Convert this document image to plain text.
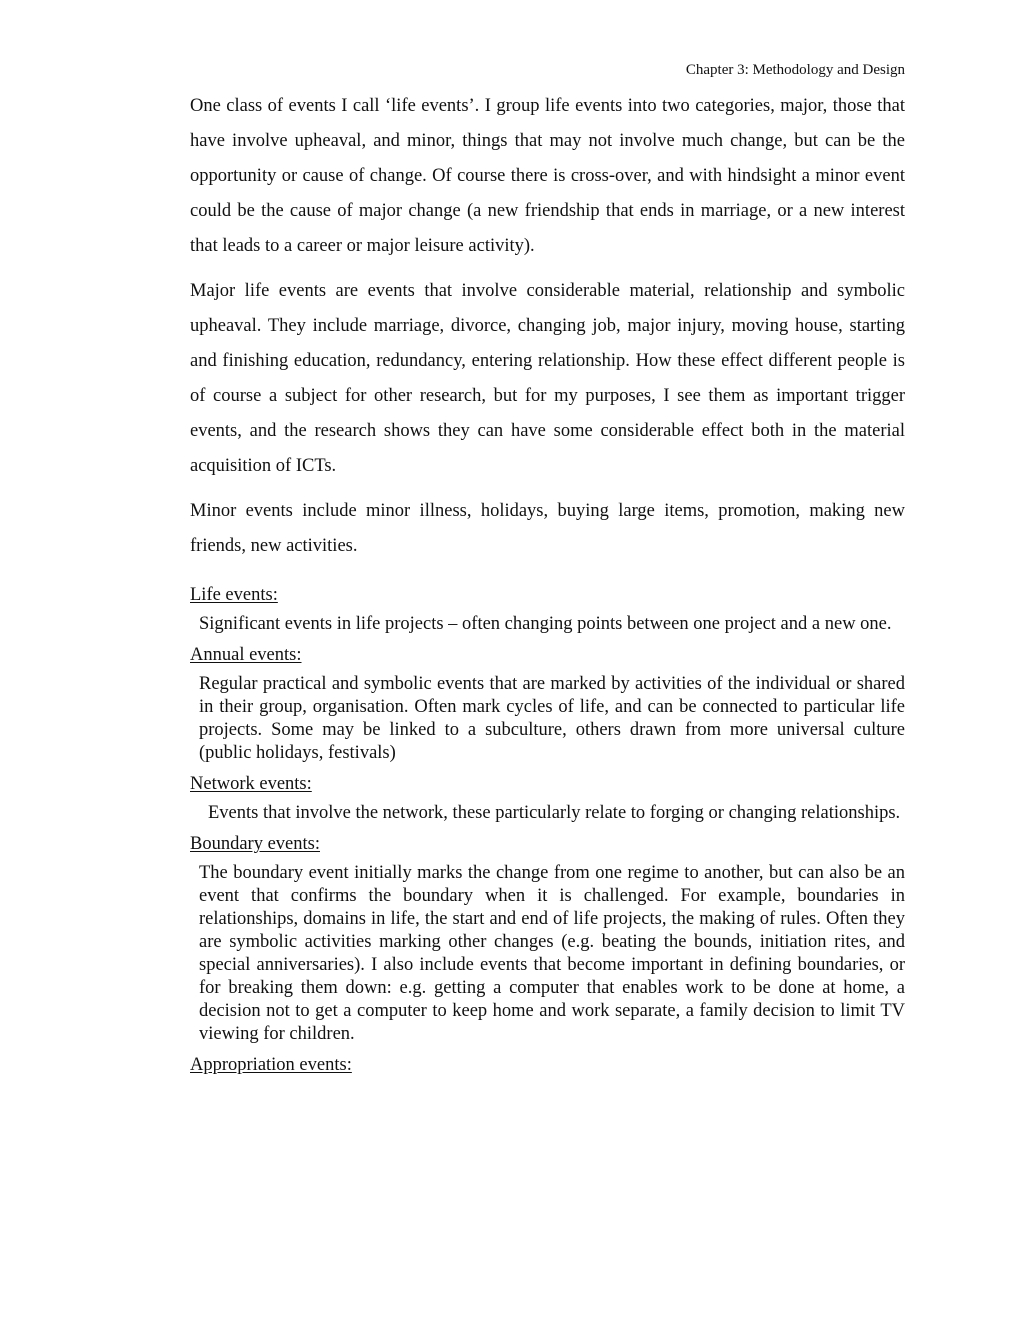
Chapter 3: Methodology and Design

One class of events I call ‘life events’. I group life events into two categories, major, those that have involve upheaval, and minor, things that may not involve much change, but can be the opportunity or cause of change. Of course there is cross-over, and with hindsight a minor event could be the cause of major change (a new friendship that ends in marriage, or a new interest that leads to a career or major leisure activity).

Major life events are events that involve considerable material, relationship and symbolic upheaval. They include marriage, divorce, changing job, major injury, moving house, starting and finishing education, redundancy, entering relationship. How these effect different people is of course a subject for other research, but for my purposes, I see them as important trigger events, and the research shows they can have some considerable effect both in the material acquisition of ICTs.

Minor events include minor illness, holidays, buying large items, promotion, making new friends, new activities.

Life events:
Significant events in life projects – often changing points between one project and a new one.
Annual events:
Regular practical and symbolic events that are marked by activities of the individual or shared in their group, organisation. Often mark cycles of life, and can be connected to particular life projects. Some may be linked to a subculture, others drawn from more universal culture (public holidays, festivals)
Network events:
Events that involve the network, these particularly relate to forging or changing relationships.
Boundary events:
The boundary event initially marks the change from one regime to another, but can also be an event that confirms the boundary when it is challenged. For example, boundaries in relationships, domains in life, the start and end of life projects, the making of rules. Often they are symbolic activities marking other changes (e.g. beating the bounds, initiation rites, and special anniversaries). I also include events that become important in defining boundaries, or for breaking them down: e.g. getting a computer that enables work to be done at home, a decision not to get a computer to keep home and work separate, a family decision to limit TV viewing for children.
Appropriation events:
